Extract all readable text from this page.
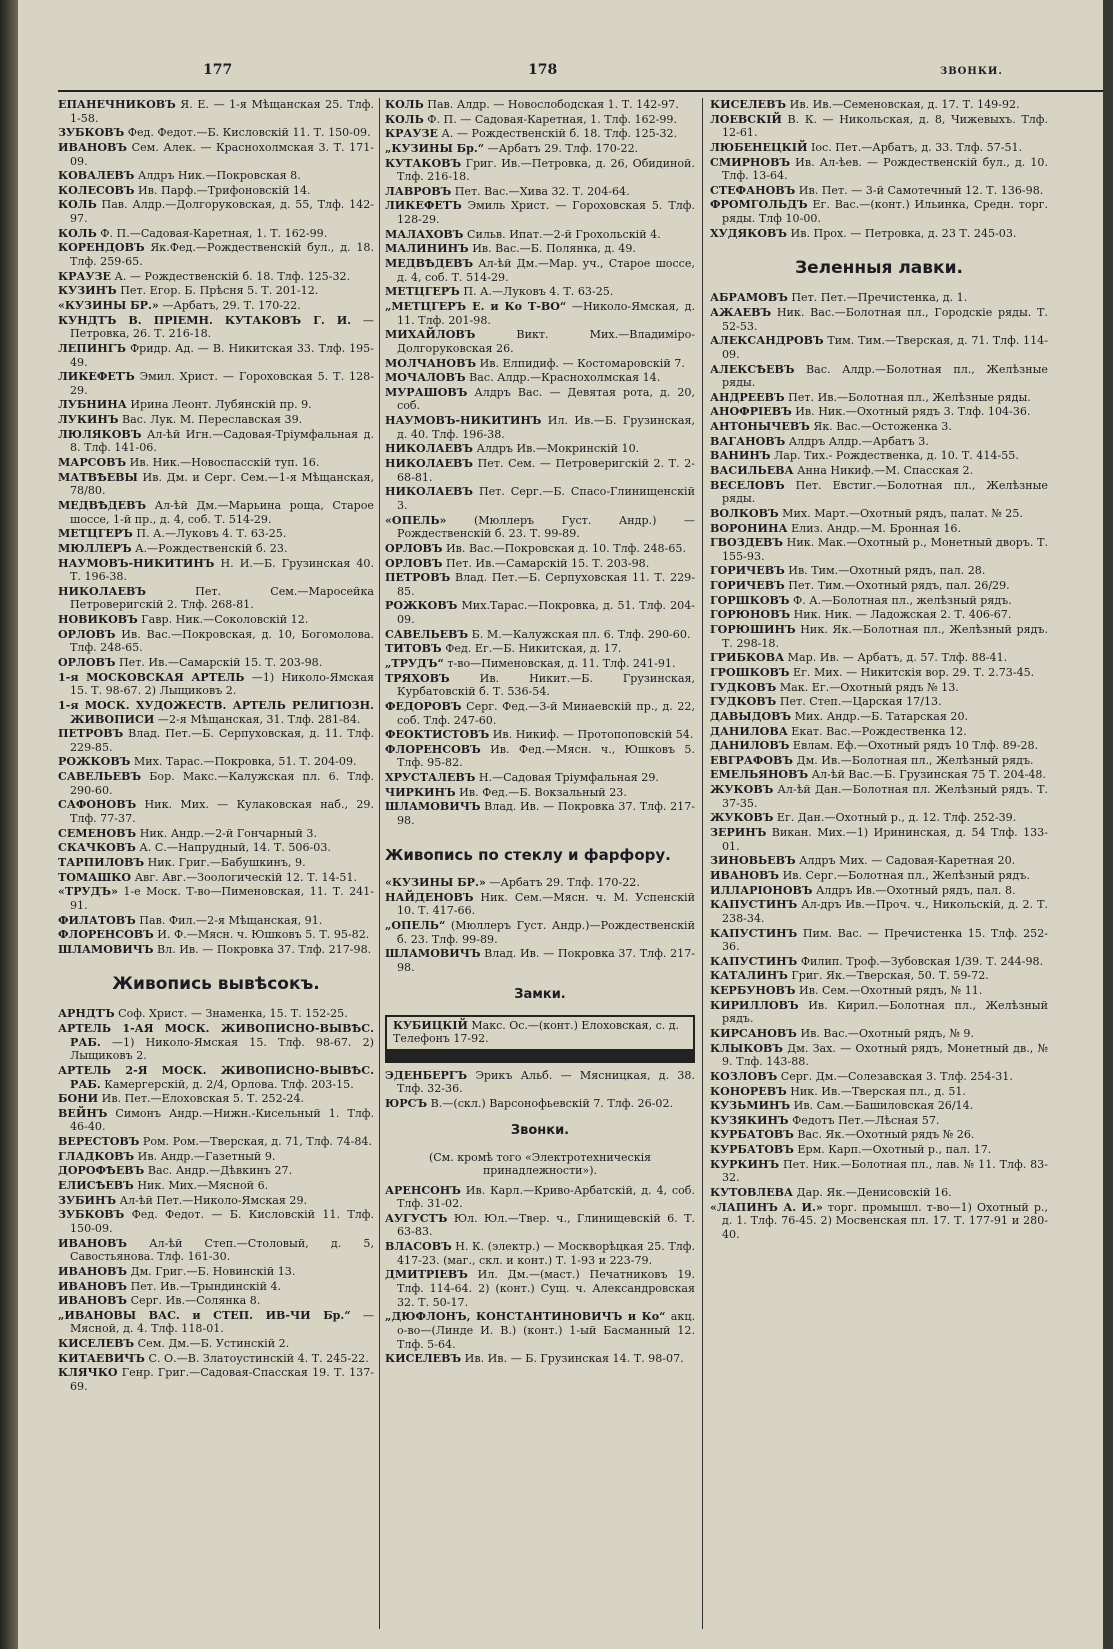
177	178	ЗВОНКИ.
ЕПАНЕЧНИКОВЪ Я. Е. — 1-я Мѣщанская 25. Тлф. 1-58.
ЗУБКОВЪ Фед. Федот.—Б. Кисловскій 11. Т. 150-09.
ИВАНОВЪ Сем. Алек. — Краснохолмская 3. Т. 171-09.
КОВАЛЕВЪ Алдръ Ник.—Покровская 8.
КОЛЕСОВЪ Ив. Парф.—Трифоновскій 14.
КОЛЬ Пав. Алдр.—Долгоруковская, д. 55, Тлф. 142-97.
КОЛЬ Ф. П.—Садовая-Каретная, 1. Т. 162-99.
КОРЕНДОВЪ Як.Фед.—Рождественскій бул., д. 18. Тлф. 259-65.
КРАУЗЕ А. — Рождественскій б. 18. Тлф. 125-32.
КУЗИНЪ Пет. Егор. Б. Прѣсня 5. Т. 201-12.
«КУЗИНЫ БР.» —Арбатъ, 29. Т. 170-22.
КУНДТЪ В. ПРІЕМН. КУТАКОВЪ Г. И. —Петровка, 26. Т. 216-18.
ЛЕПИНГЪ Фридр. Ад. — В. Никитская 33. Тлф. 195-49.
ЛИКЕФЕТЪ Эмил. Христ. — Гороховская 5. Т. 128-29.
ЛУБНИНА Ирина Леонт. Лубянскій пр. 9.
ЛУКИНЪ Вас. Лук. М. Переславская 39.
ЛЮЛЯКОВЪ Ал-ѣй Игн.—Садовая-Тріумфальная д. 8. Тлф. 141-06.
МАРСОВЪ Ив. Ник.—Новоспасскій туп. 16.
МАТВѢЕВЫ Ив. Дм. и Серг. Сем.—1-я Мѣщанская, 78/80.
МЕДВѢДЕВЪ Ал-ѣй Дм.—Марьина роща, Старое шоссе, 1-й пр., д. 4, соб. Т. 514-29.
МЕТЦГЕРЪ П. А.—Луковъ 4. Т. 63-25.
МЮЛЛЕРЪ А.—Рождественскій б. 23.
НАУМОВЪ-НИКИТИНЪ Н. И.—Б. Грузинская 40. Т. 196-38.
НИКОЛАЕВЪ	Пет. Сем.—Маросейка Петроверигскій 2. Тлф. 268-81.
НОВИКОВЪ Гавр. Ник.—Соколовскій 12.
ОРЛОВЪ Ив. Вас.—Покровская, д. 10, Богомолова. Тлф. 248-65.
ОРЛОВЪ Пет. Ив.—Самарскій 15. Т. 203-98.
1-я МОСКОВСКАЯ АРТЕЛЬ —1) Николо-Ямская 15. Т. 98-67. 2) Лыщиковъ 2.
1-я МОСК. ХУДОЖЕСТВ. АРТЕЛЬ РЕЛИГІОЗН. ЖИВОПИСИ —2-я Мѣщанская, 31. Тлф. 281-84.
ПЕТРОВЪ Влад. Пет.—Б. Серпуховская, д. 11. Тлф. 229-85.
РОЖКОВЪ Мих. Тарас.—Покровка, 51. Т. 204-09.
САВЕЛЬЕВЪ Бор. Макс.—Калужская пл. 6. Тлф. 290-60.
САФОНОВЪ Ник. Мих. — Кулаковская наб., 29. Тлф. 77-37.
СЕМЕНОВЪ Ник. Андр.—2-й Гончарный 3.
СКАЧКОВЪ А. С.—Напрудный, 14. Т. 506-03.
ТАРПИЛОВЪ Ник. Григ.—Бабушкинъ, 9.
ТОМАШКО Авг. Авг.—Зоологическій 12. Т. 14-51.
«ТРУДЪ» 1-е Моск. Т-во—Пименовская, 11. Т. 241-91.
ФИЛАТОВЪ Пав. Фил.—2-я Мѣщанская, 91.
ФЛОРЕНСОВЪ И. Ф.—Мясн. ч. Юшковъ 5. Т. 95-82.
ШЛАМОВИЧЪ Вл. Ив. — Покровка 37. Тлф. 217-98.
Живопись вывѣсокъ.
АРНДТЪ Соф. Христ. — Знаменка, 15. Т. 152-25.
АРТЕЛЬ 1-АЯ МОСК. ЖИВОПИСНО-ВЫВѢС. РАБ. —1) Николо-Ямская 15. Тлф. 98-67. 2) Лыщиковъ 2.
АРТЕЛЬ 2-Я МОСК. ЖИВОПИСНО-ВЫВѢС. РАБ. Камергерскій, д. 2/4, Орлова. Тлф. 203-15.
БОНИ Ив. Пет.—Елоховская 5. Т. 252-24.
ВЕЙНЪ Симонъ Андр.—Нижн.-Кисельный 1. Тлф. 46-40.
ВЕРЕСТОВЪ Ром. Ром.—Тверская, д. 71, Тлф. 74-84.
ГЛАДКОВЪ Ив. Андр.—Газетный 9.
ДОРОФѢЕВЪ Вас. Андр.—Дѣвкинъ 27.
ЕЛИСѢЕВЪ Ник. Мих.—Мясной 6.
ЗУБИНЪ Ал-ѣй Пет.—Николо-Ямская 29.
ЗУБКОВЪ Фед. Федот. — Б. Кисловскій 11. Тлф. 150-09.
ИВАНОВЪ Ал-ѣй Степ.—Столовый, д. 5, Савостьянова. Тлф. 161-30.
ИВАНОВЪ Дм. Григ.—Б. Новинскій 13.
ИВАНОВЪ Пет. Ив.—Трындинскій 4.
ИВАНОВЪ Серг. Ив.—Солянка 8.
„ИВАНОВЫ ВАС. и СТЕП. ИВ-ЧИ Бр.“ — Мясной, д. 4. Тлф. 118-01.
КИСЕЛЕВЪ Сем. Дм.—Б. Устинскій 2.
КИТАЕВИЧЪ С. О.—В. Златоустинскій 4. Т. 245-22.
КЛЯЧКО Генр. Григ.—Садовая-Спасская 19. Т. 137-69.
КОЛЬ Пав. Алдр. — Новослободская 1. Т. 142-97.
КОЛЬ Ф. П. — Садовая-Каретная, 1. Тлф. 162-99.
КРАУЗЕ А. — Рождественскій б. 18. Тлф. 125-32.
„КУЗИНЫ Бр.“ —Арбатъ 29. Тлф. 170-22.
КУТАКОВЪ Григ. Ив.—Петровка, д. 26, Обидиной. Тлф. 216-18.
ЛАВРОВЪ Пет. Вас.—Хива 32. Т. 204-64.
ЛИКЕФЕТЪ Эмиль Христ. — Гороховская 5. Тлф. 128-29.
МАЛАХОВЪ Сильв. Ипат.—2-й Грохольскій 4.
МАЛИНИНЪ Ив. Вас.—Б. Полянка, д. 49.
МЕДВѢДЕВЪ Ал-ѣй Дм.—Мар. уч., Старое шоссе, д. 4, соб. Т. 514-29.
МЕТЦГЕРЪ П. А.—Луковъ 4. Т. 63-25.
„МЕТЦГЕРЪ Е. и Ко Т-ВО“ —Николо-Ямская, д. 11. Тлф. 201-98.
МИХАЙЛОВЪ	Викт. Мих.—Владиміро-Долгоруковская 26.
МОЛЧАНОВЪ Ив. Елпидиф. — Костомаровскій 7.
МОЧАЛОВЪ Вас. Алдр.—Краснохолмская 14.
МУРАШОВЪ Алдръ Вас. — Девятая рота, д. 20, соб.
НАУМОВЪ-НИКИТИНЪ Ил. Ив.—Б. Грузинская, д. 40. Тлф. 196-38.
НИКОЛАЕВЪ Алдръ Ив.—Мокринскій 10.
НИКОЛАЕВЪ Пет. Сем. — Петроверигскій 2. Т. 2-68-81.
НИКОЛАЕВЪ Пет. Серг.—Б. Спасо-Глинищенскій 3.
«ОПЕЛЬ» (Мюллеръ Густ. Андр.) — Рождественскій б. 23. Т. 99-89.
ОРЛОВЪ Ив. Вас.—Покровская д. 10. Тлф. 248-65.
ОРЛОВЪ Пет. Ив.—Самарскій 15. Т. 203-98.
ПЕТРОВЪ Влад. Пет.—Б. Серпуховская 11. Т. 229-85.
РОЖКОВЪ Мих.Тарас.—Покровка, д. 51. Тлф. 204-09.
САВЕЛЬЕВЪ Б. М.—Калужская пл. 6. Тлф. 290-60.
ТИТОВЪ Фед. Ег.—Б. Никитская, д. 17.
„ТРУДЪ“ т-во—Пименовская, д. 11. Тлф. 241-91.
ТРЯХОВЪ	Ив. Никит.—Б. Грузинская, Курбатовскій б. Т. 536-54.
ФЕДОРОВЪ Серг. Фед.—3-й Минаевскій пр., д. 22, соб. Тлф. 247-60.
ФЕОКТИСТОВЪ Ив. Никиф. — Протопоповскій 54.
ФЛОРЕНСОВЪ Ив. Фед.—Мясн. ч., Юшковъ 5. Тлф. 95-82.
ХРУСТАЛЕВЪ Н.—Садовая Тріумфальная 29.
ЧИРКИНЪ Ив. Фед.—Б. Вокзальный 23.
ШЛАМОВИЧЪ Влад. Ив. — Покровка 37. Тлф. 217-98.
Живопись по стеклу и фарфору.
«КУЗИНЫ БР.» —Арбатъ 29. Тлф. 170-22.
НАЙДЕНОВЪ Ник. Сем.—Мясн. ч. М. Успенскій 10. Т. 417-66.
„ОПЕЛЬ“ (Мюллеръ Густ. Андр.)—Рождественскій б. 23. Тлф. 99-89.
ШЛАМОВИЧЪ Влад. Ив. — Покровка 37. Тлф. 217-98.
Замки.
КУБИЦКІЙ Макс. Ос.—(конт.) Елоховская, с. д. Телефонъ 17-92.
ЭДЕНБЕРГЪ Эрикъ Альб. — Мясницкая, д. 38. Тлф. 32-36.
ЮРСЪ В.—(скл.) Варсонофьевскій 7. Тлф. 26-02.
Звонки.
(См. кромѣ того «Электротехническія принадлежности»).
АРЕНСОНЪ Ив. Карл.—Криво-Арбатскій, д. 4, соб. Тлф. 31-02.
АУГУСТЪ Юл. Юл.—Твер. ч., Глинищевскій 6. Т. 63-83.
ВЛАСОВЪ Н. К. (электр.) — Москворѣцкая 25. Тлф. 417-23. (маг., скл. и конт.) Т. 1-93 и 223-79.
ДМИТРІЕВЪ Ил. Дм.—(маст.) Печатниковъ 19. Тлф. 114-64. 2) (конт.) Сущ. ч. Александровская 32. Т. 50-17.
„ДЮФЛОНЪ, КОНСТАНТИНОВИЧЪ и Ко“ акц. о-во—(Линде И. В.) (конт.) 1-ый Басманный 12. Тлф. 5-64.
КИСЕЛЕВЪ Ив. Ив. — Б. Грузинская 14. Т. 98-07.
КИСЕЛЕВЪ Ив. Ив.—Семеновская, д. 17. Т. 149-92.
ЛОЕВСКІЙ В. К. — Никольская, д. 8, Чижевыхъ. Тлф. 12-61.
ЛЮБЕНЕЦКІЙ Іос. Пет.—Арбатъ, д. 33. Тлф. 57-51.
СМИРНОВЪ Ив. Ал-ѣев. — Рождественскій бул., д. 10. Тлф. 13-64.
СТЕФАНОВЪ Ив. Пет. — 3-й Самотечный 12. Т. 136-98.
ФРОМГОЛЬДЪ Ег. Вас.—(конт.) Ильинка, Средн. торг. ряды. Тлф 10-00.
ХУДЯКОВЪ Ив. Прох. — Петровка, д. 23 Т. 245-03.
Зеленныя лавки.
АБРАМОВЪ Пет. Пет.—Пречистенка, д. 1.
АЖАЕВЪ Ник. Вас.—Болотная пл., Городскіе ряды. Т. 52-53.
АЛЕКСАНДРОВЪ Тим. Тим.—Тверская, д. 71. Тлф. 114-09.
АЛЕКСѢЕВЪ Вас. Алдр.—Болотная пл., Желѣзные ряды.
АНДРЕЕВЪ Пет. Ив.—Болотная пл., Желѣзные ряды.
АНОФРІЕВЪ Ив. Ник.—Охотный рядъ 3. Тлф. 104-36.
АНТОНЫЧЕВЪ Як. Вас.—Остоженка 3.
ВАГАНОВЪ Алдръ Алдр.—Арбатъ 3.
ВАНИНЪ Лар. Тих.- Рождественка, д. 10. Т. 414-55.
ВАСИЛЬЕВА Анна Никиф.—М. Спасская 2.
ВЕСЕЛОВЪ Пет. Евстиг.—Болотная пл., Желѣзные ряды.
ВОЛКОВЪ Мих. Март.—Охотный рядъ, палат. № 25.
ВОРОНИНА Елиз. Андр.—М. Бронная 16.
ГВОЗДЕВЪ Ник. Мак.—Охотный р., Монетный дворъ. Т. 155-93.
ГОРИЧЕВЪ Ив. Тим.—Охотный рядъ, пал. 28.
ГОРИЧЕВЪ Пет. Тим.—Охотный рядъ, пал. 26/29.
ГОРШКОВЪ Ф. А.—Болотная пл., желѣзный рядъ.
ГОРЮНОВЪ Ник. Ник. — Ладожская 2. Т. 406-67.
ГОРЮШИНЪ Ник. Як.—Болотная пл., Желѣзный рядъ. Т. 298-18.
ГРИБКОВА Мар. Ив. — Арбатъ, д. 57. Тлф. 88-41.
ГРОШКОВЪ Ег. Мих. — Никитскія вор. 29. Т. 2.73-45.
ГУДКОВЪ Мак. Ег.—Охотный рядъ № 13.
ГУДКОВЪ Пет. Степ.—Царская 17/13.
ДАВЫДОВЪ Мих. Андр.—Б. Татарская 20.
ДАНИЛОВА Екат. Вас.—Рождественка 12.
ДАНИЛОВЪ Евлам. Еф.—Охотный рядъ 10 Тлф. 89-28.
ЕВГРАФОВЪ Дм. Ив.—Болотная пл., Желѣзный рядъ.
ЕМЕЛЬЯНОВЪ Ал-ѣй Вас.—Б. Грузинская 75 Т. 204-48.
ЖУКОВЪ Ал-ѣй Дан.—Болотная пл. Желѣзный рядъ. Т. 37-35.
ЖУКОВЪ Ег. Дан.—Охотный р., д. 12. Тлф. 252-39.
ЗЕРИНЪ Викан. Мих.—1) Ирининская, д. 54 Тлф. 133-01.
ЗИНОВЬЕВЪ Алдръ Мих. — Садовая-Каретная 20.
ИВАНОВЪ Ив. Серг.—Болотная пл., Желѣзный рядъ.
ИЛЛАРІОНОВЪ Алдръ Ив.—Охотный рядъ, пал. 8.
КАПУСТИНЪ Ал-дръ Ив.—Проч. ч., Никольскій, д. 2. Т. 238-34.
КАПУСТИНЪ Пим. Вас. — Пречистенка 15. Тлф. 252-36.
КАПУСТИНЪ Филип. Троф.—Зубовская 1/39. Т. 244-98.
КАТАЛИНЪ Григ. Як.—Тверская, 50. Т. 59-72.
КЕРБУНОВЪ Ив. Сем.—Охотный рядъ, № 11.
КИРИЛЛОВЪ Ив. Кирил.—Болотная пл., Желѣзный рядъ.
КИРСАНОВЪ Ив. Вас.—Охотный рядъ, № 9.
КЛЫКОВЪ Дм. Зах. — Охотный рядъ, Монетный дв., № 9. Тлф. 143-88.
КОЗЛОВЪ Серг. Дм.—Солезавская 3. Тлф. 254-31.
КОНОРЕВЪ Ник. Ив.—Тверская пл., д. 51.
КУЗЬМИНЪ Ив. Сам.—Башиловская 26/14.
КУЗЯКИНЪ Федотъ Пет.—Лѣсная 57.
КУРБАТОВЪ Вас. Як.—Охотный рядъ № 26.
КУРБАТОВЪ Ерм. Карп.—Охотный р., пал. 17.
КУРКИНЪ Пет. Ник.—Болотная пл., лав. № 11. Тлф. 83-32.
КУТОВЛЕВА Дар. Як.—Денисовскій 16.
«ЛАПИНЪ А. И.» торг. промышл. т-во—1) Охотный р., д. 1. Тлф. 76-45. 2) Мосвенская пл. 17. Т. 177-91 и 280-40.
